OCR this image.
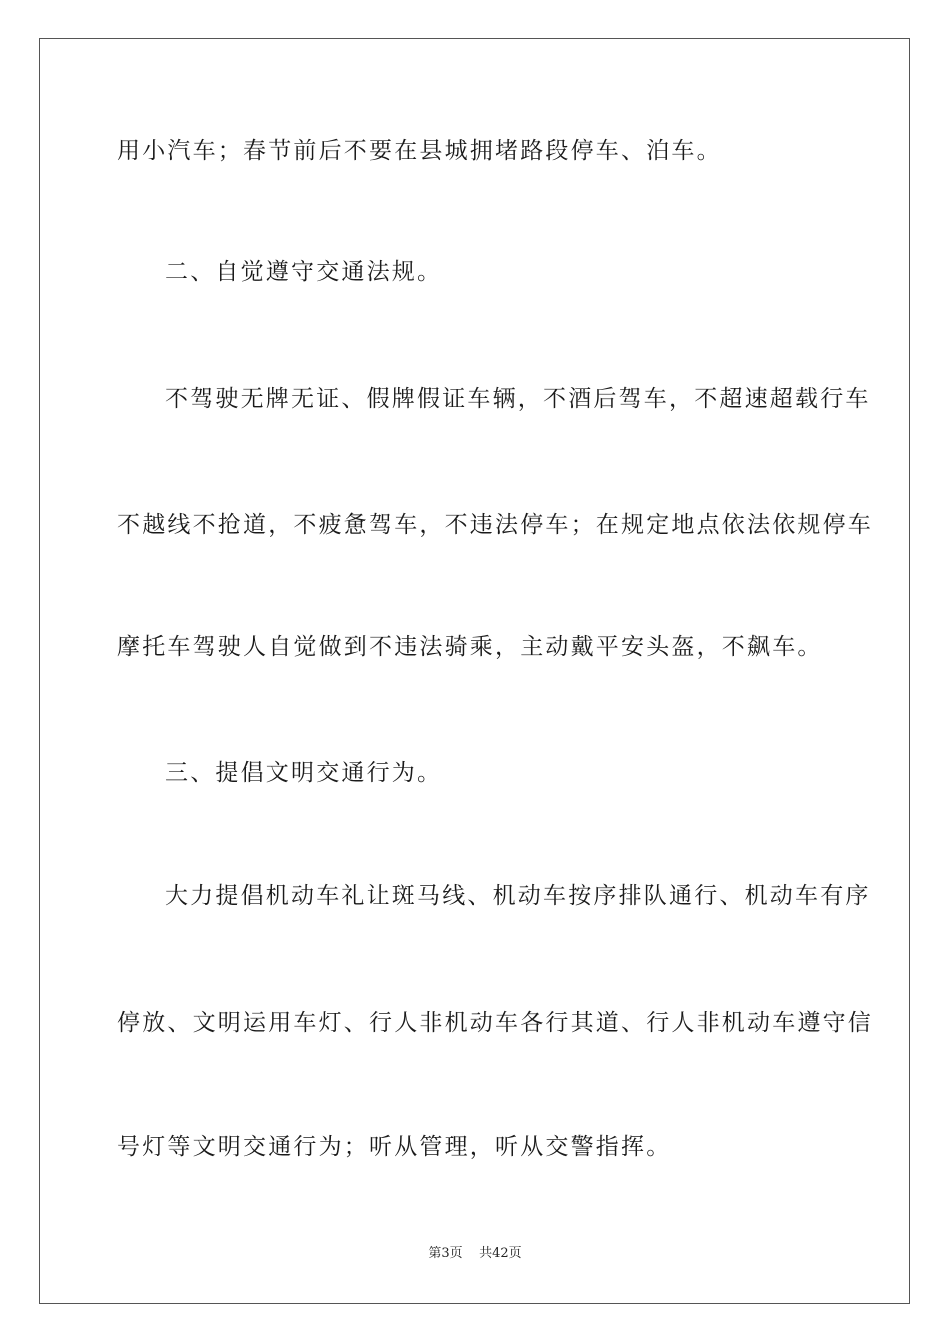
用小汽车；春节前后不要在县城拥堵路段停车、泊车。

二、自觉遵守交通法规。

不驾驶无牌无证、假牌假证车辆，不酒后驾车，不超速超载行车

不越线不抢道，不疲惫驾车，不违法停车；在规定地点依法依规停车

摩托车驾驶人自觉做到不违法骑乘，主动戴平安头盔，不飙车。

三、提倡文明交通行为。

大力提倡机动车礼让斑马线、机动车按序排队通行、机动车有序

停放、文明运用车灯、行人非机动车各行其道、行人非机动车遵守信

号灯等文明交通行为；听从管理，听从交警指挥。

第3页    共42页
